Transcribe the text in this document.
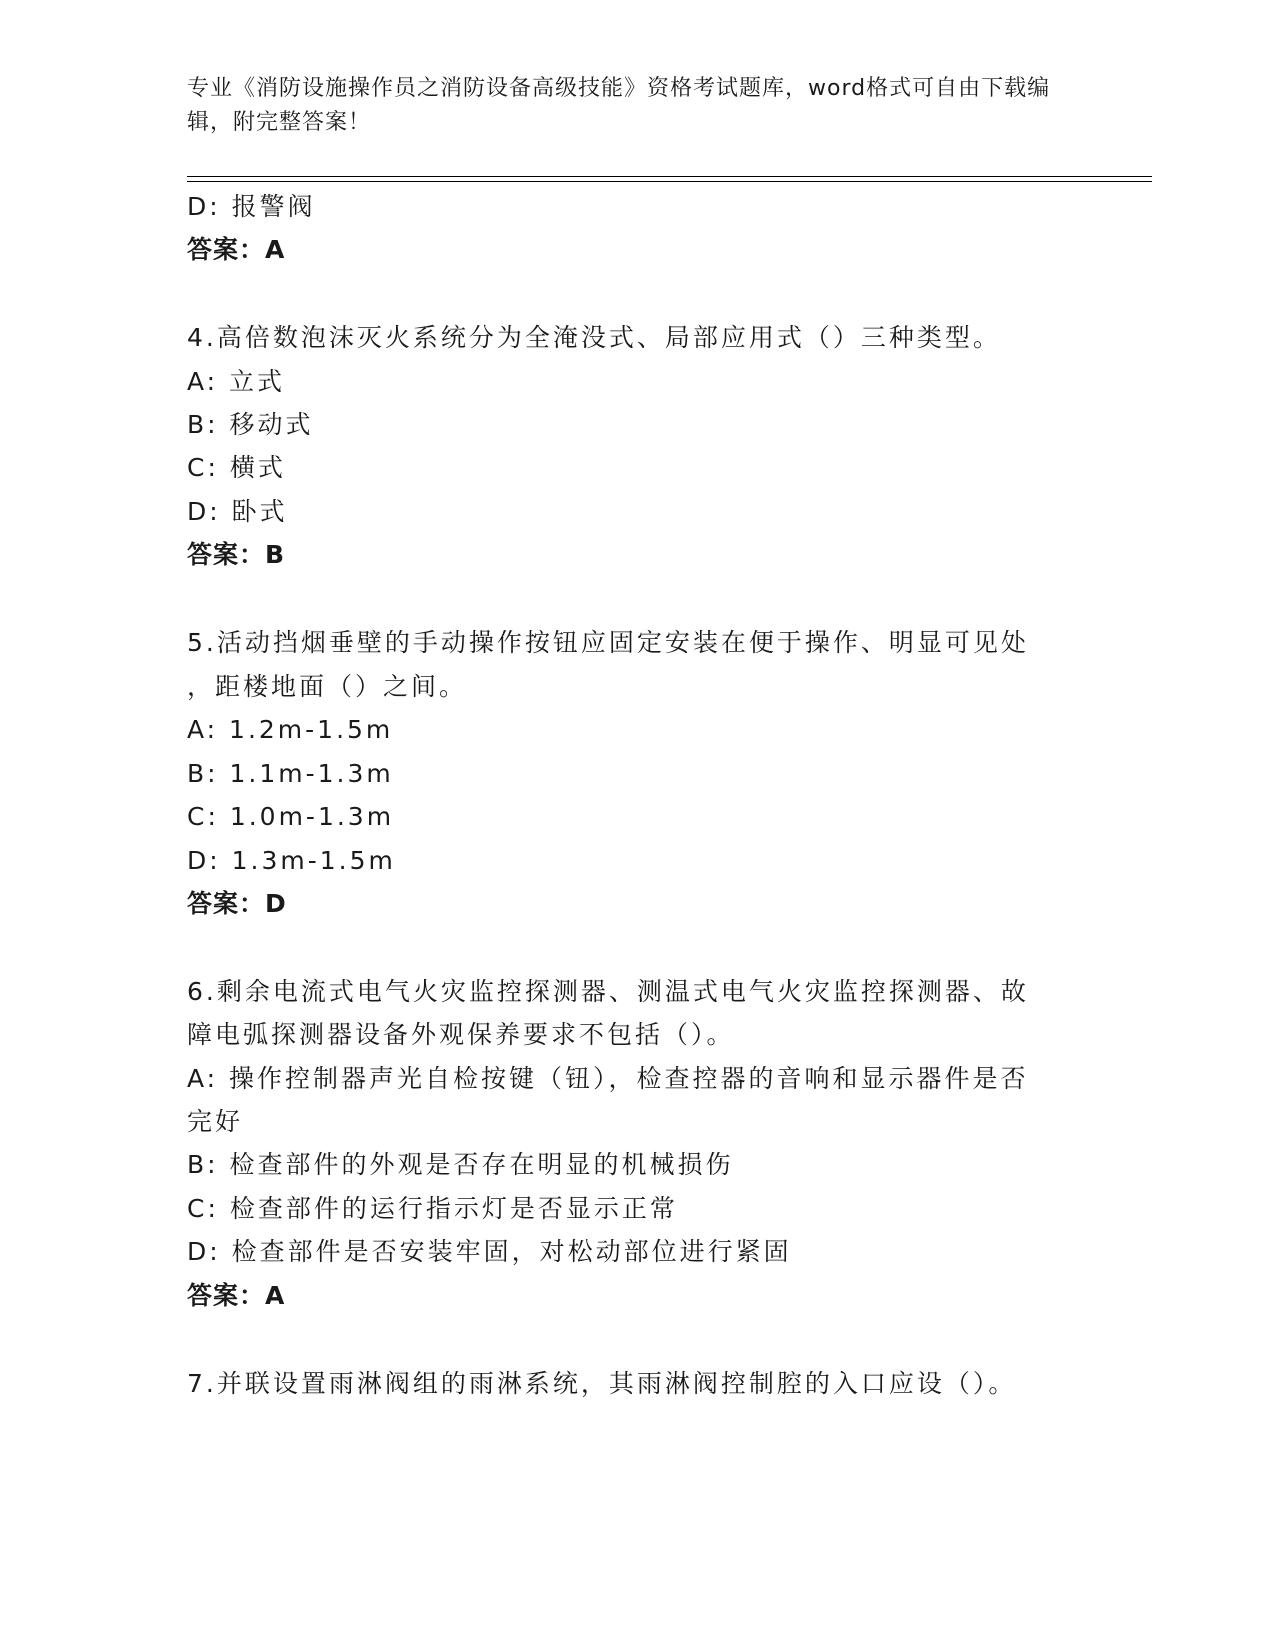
专业《消防设施操作员之消防设备高级技能》资格考试题库，word格式可自由下载编辑，附完整答案！
D: 报警阀
答案：A
4.高倍数泡沫灭火系统分为全淹没式、局部应用式（）三种类型。
A: 立式
B: 移动式
C: 横式
D: 卧式
答案：B
5.活动挡烟垂壁的手动操作按钮应固定安装在便于操作、明显可见处
，距楼地面（）之间。
A: 1.2m-1.5m
B: 1.1m-1.3m
C: 1.0m-1.3m
D: 1.3m-1.5m
答案：D
6.剩余电流式电气火灾监控探测器、测温式电气火灾监控探测器、故
障电弧探测器设备外观保养要求不包括（）。
A: 操作控制器声光自检按键（钮），检查控器的音响和显示器件是否
完好
B: 检查部件的外观是否存在明显的机械损伤
C: 检查部件的运行指示灯是否显示正常
D: 检查部件是否安装牢固，对松动部位进行紧固
答案：A
7.并联设置雨淋阀组的雨淋系统，其雨淋阀控制腔的入口应设（）。
